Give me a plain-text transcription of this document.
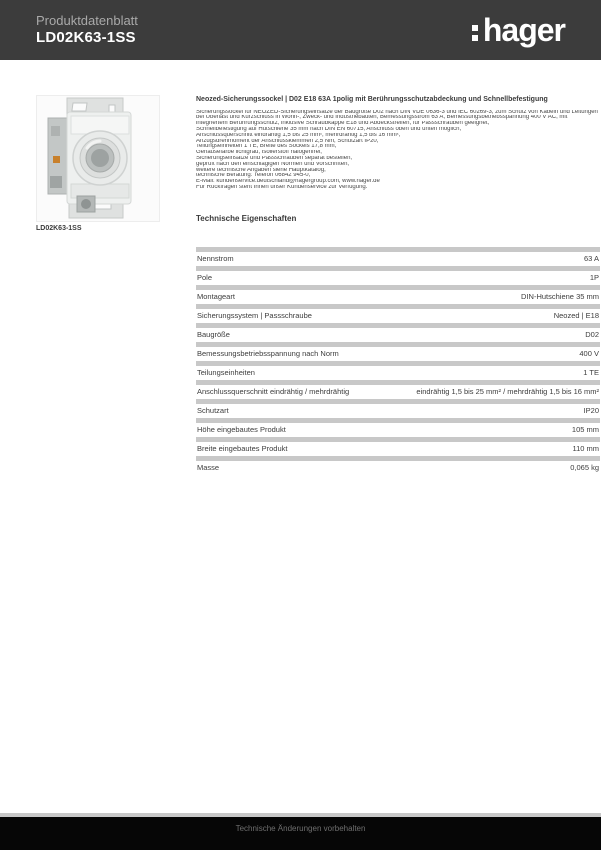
Produktdatenblatt
LD02K63-1SS	hager
LD02K63-1SS
Neozed-Sicherungssockel | D02 E18 63A 1polig mit Berührungsschutzabdeckung und Schnellbefestigung
Sicherungssockel für NEOZED-Sicherungseinsätze der Baugröße D02 nach DIN VDE 0636-3 und IEC 60269-3, zum Schutz von Kabeln und Leitungen
bei Überlast und Kurzschluss in Wohn-, Zweck- und Industriebauten, Bemessungsstrom 63 A, Bemessungsbetriebsspannung 400 V AC, mit
integriertem Berührungsschutz, inklusive Schraubkappe E18 und Abdeckstreifen, für Passschrauben geeignet,
Schnellbefestigung auf Hutschiene 35 mm nach DIN EN 60715, Anschluss oben und unten möglich,
Anschlussquerschnitt eindrähtig 1,5 bis 25 mm², mehrdrähtig 1,5 bis 16 mm²,
Anzugsdrehmoment der Anschlussklemmen 2,5 Nm, Schutzart IP20,
Teilungseinheiten 1 TE, Breite des Sockels 17,8 mm,
Gehäusefarbe lichtgrau, Isolierstoff halogenfrei,
Sicherungseinsätze und Passschrauben separat bestellen,
geprüft nach den einschlägigen Normen und Vorschriften,
weitere technische Angaben siehe Hauptkatalog,
technische Beratung: Telefon 06842 945-0,
E-Mail: kundenservice.deutschland@hagergroup.com, www.hager.de
Für Rückfragen steht Ihnen unser Kundenservice zur Verfügung.
Technische Eigenschaften
Nennstrom	63 A
Pole	1P
Montageart	DIN-Hutschiene 35 mm
Sicherungssystem | Passschraube	Neozed | E18
Baugröße	D02
Bemessungsbetriebsspannung nach Norm	400 V
Teilungseinheiten	1 TE
Anschlussquerschnitt eindrähtig / mehrdrähtig	eindrähtig 1,5 bis 25 mm² / mehrdrähtig 1,5 bis 16 mm²
Schutzart	IP20
Höhe eingebautes Produkt	105 mm
Breite eingebautes Produkt	110 mm
Masse	0,065 kg
Technische Änderungen vorbehalten
